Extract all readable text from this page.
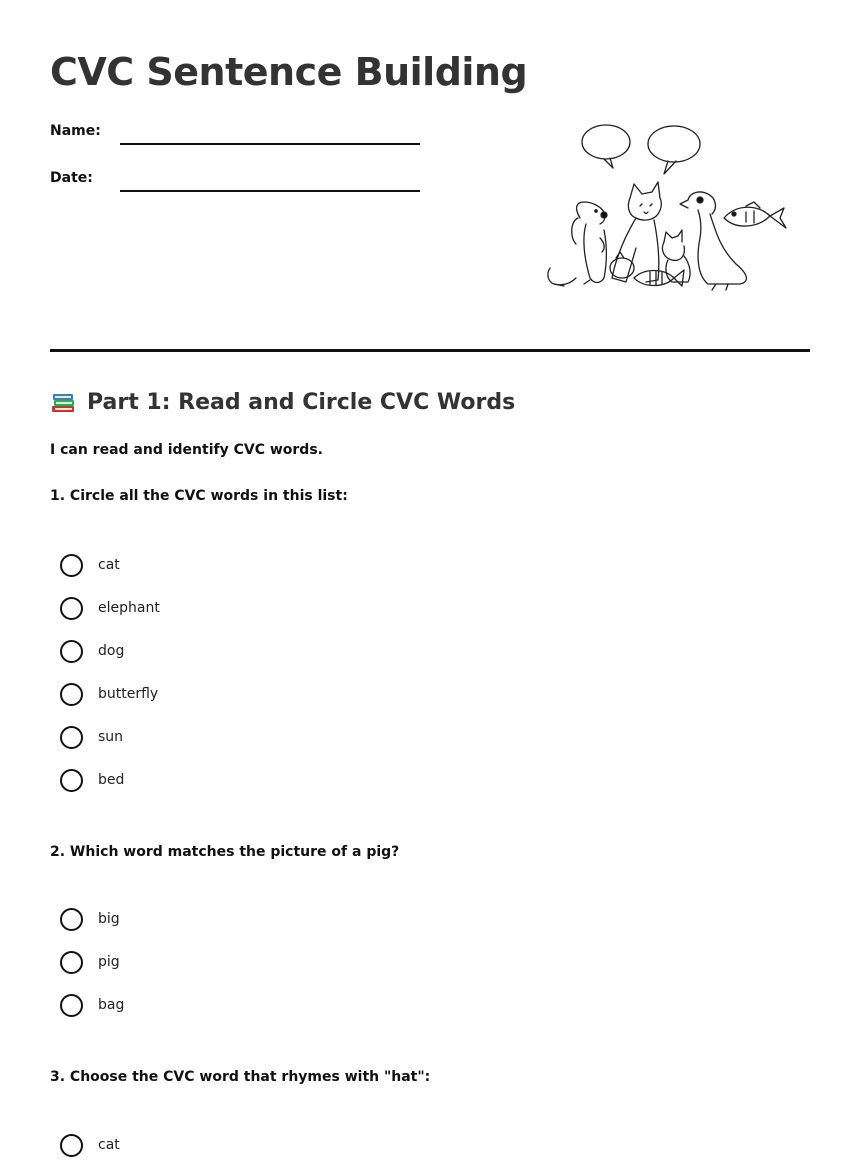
CVC Sentence Building
Name:
Date:
Part 1: Read and Circle CVC Words
I can read and identify CVC words.
1. Circle all the CVC words in this list:
cat
elephant
dog
butterfly
sun
bed
2. Which word matches the picture of a pig?
big
pig
bag
3. Choose the CVC word that rhymes with "hat":
cat
